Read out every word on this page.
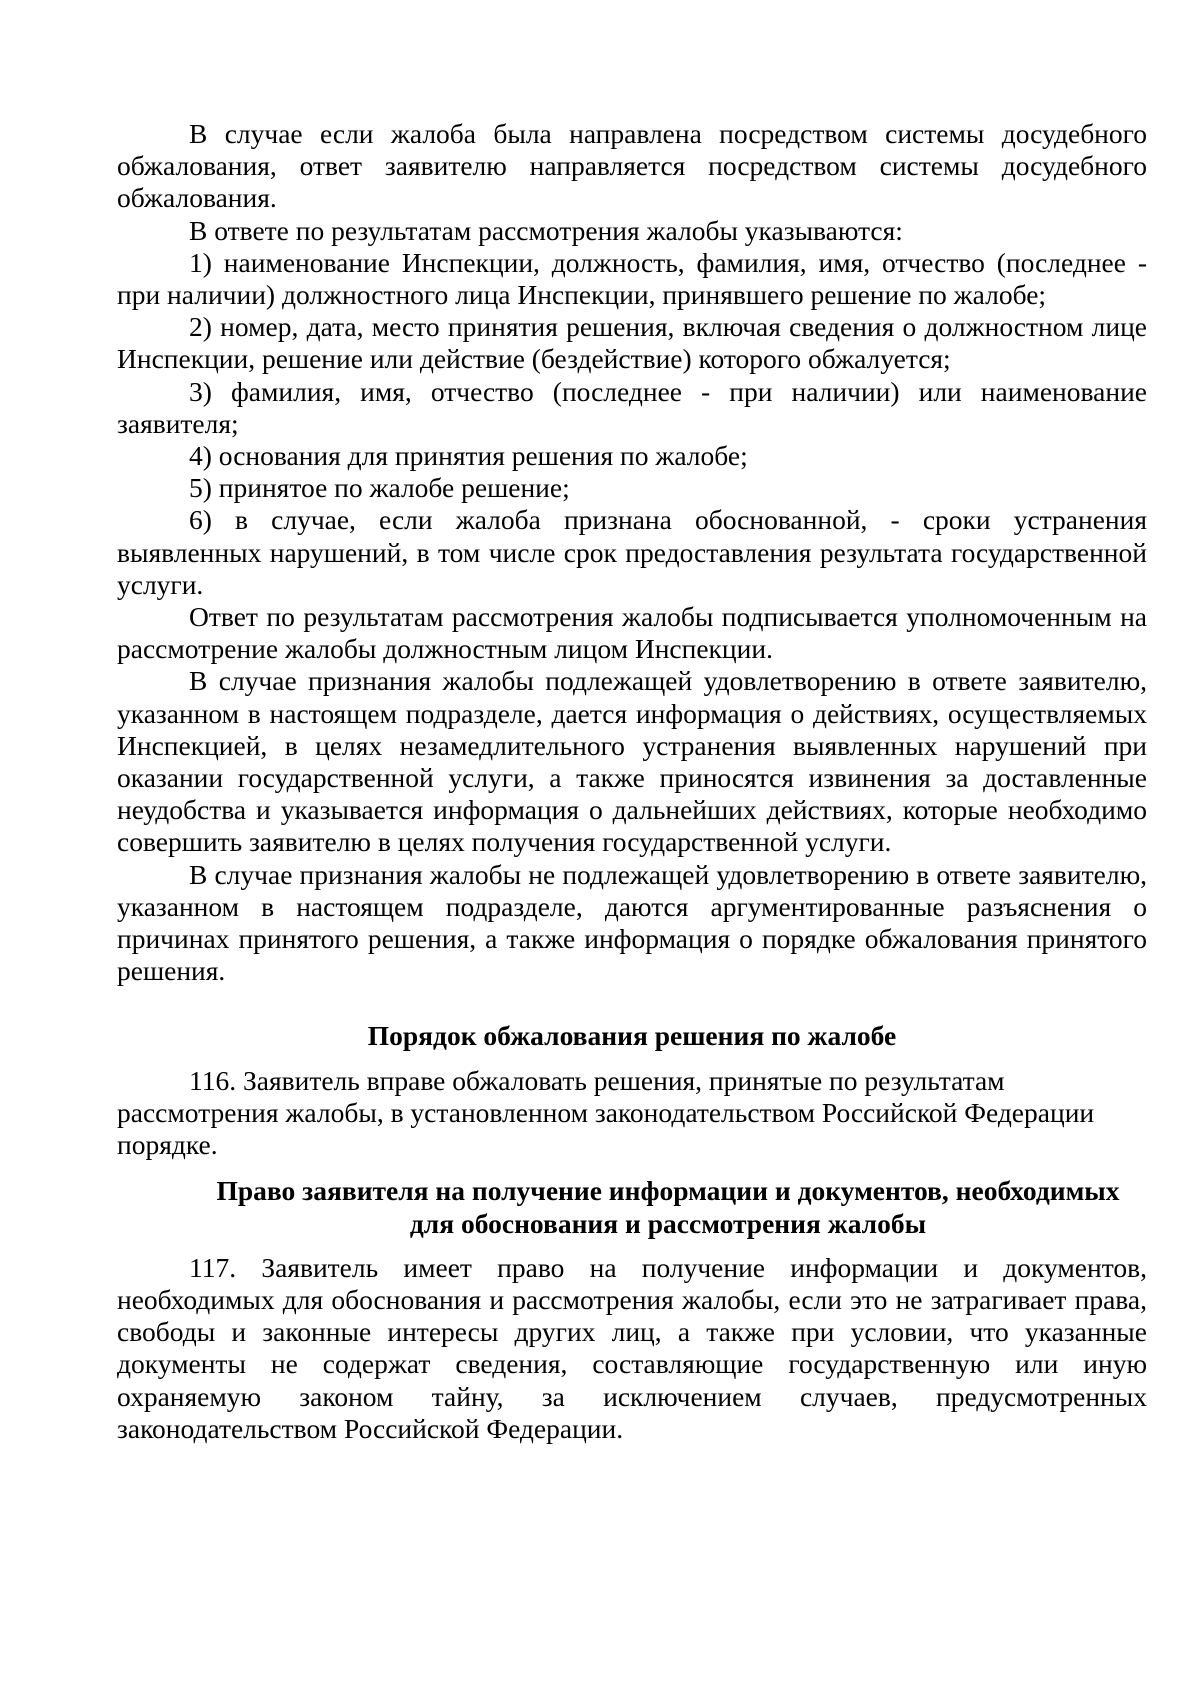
В случае если жалоба была направлена посредством системы досудебного обжалования, ответ заявителю направляется посредством системы досудебного обжалования.

В ответе по результатам рассмотрения жалобы указываются:

1) наименование Инспекции, должность, фамилия, имя, отчество (последнее - при наличии) должностного лица Инспекции, принявшего решение по жалобе;

2) номер, дата, место принятия решения, включая сведения о должностном лице Инспекции, решение или действие (бездействие) которого обжалуется;

3) фамилия, имя, отчество (последнее - при наличии) или наименование заявителя;

4) основания для принятия решения по жалобе;

5) принятое по жалобе решение;

6) в случае, если жалоба признана обоснованной, - сроки устранения выявленных нарушений, в том числе срок предоставления результата государственной услуги.

Ответ по результатам рассмотрения жалобы подписывается уполномоченным на рассмотрение жалобы должностным лицом Инспекции.

В случае признания жалобы подлежащей удовлетворению в ответе заявителю, указанном в настоящем подразделе, дается информация о действиях, осуществляемых Инспекцией, в целях незамедлительного устранения выявленных нарушений при оказании государственной услуги, а также приносятся извинения за доставленные неудобства и указывается информация о дальнейших действиях, которые необходимо совершить заявителю в целях получения государственной услуги.

В случае признания жалобы не подлежащей удовлетворению в ответе заявителю, указанном в настоящем подразделе, даются аргументированные разъяснения о причинах принятого решения, а также информация о порядке обжалования принятого решения.

Порядок обжалования решения по жалобе

116. Заявитель вправе обжаловать решения, принятые по результатам рассмотрения жалобы, в установленном законодательством Российской Федерации порядке.

Право заявителя на получение информации и документов, необходимых
для обоснования и рассмотрения жалобы

117. Заявитель имеет право на получение информации и документов, необходимых для обоснования и рассмотрения жалобы, если это не затрагивает права, свободы и законные интересы других лиц, а также при условии, что указанные документы не содержат сведения, составляющие государственную или иную охраняемую законом тайну, за исключением случаев, предусмотренных законодательством Российской Федерации.
